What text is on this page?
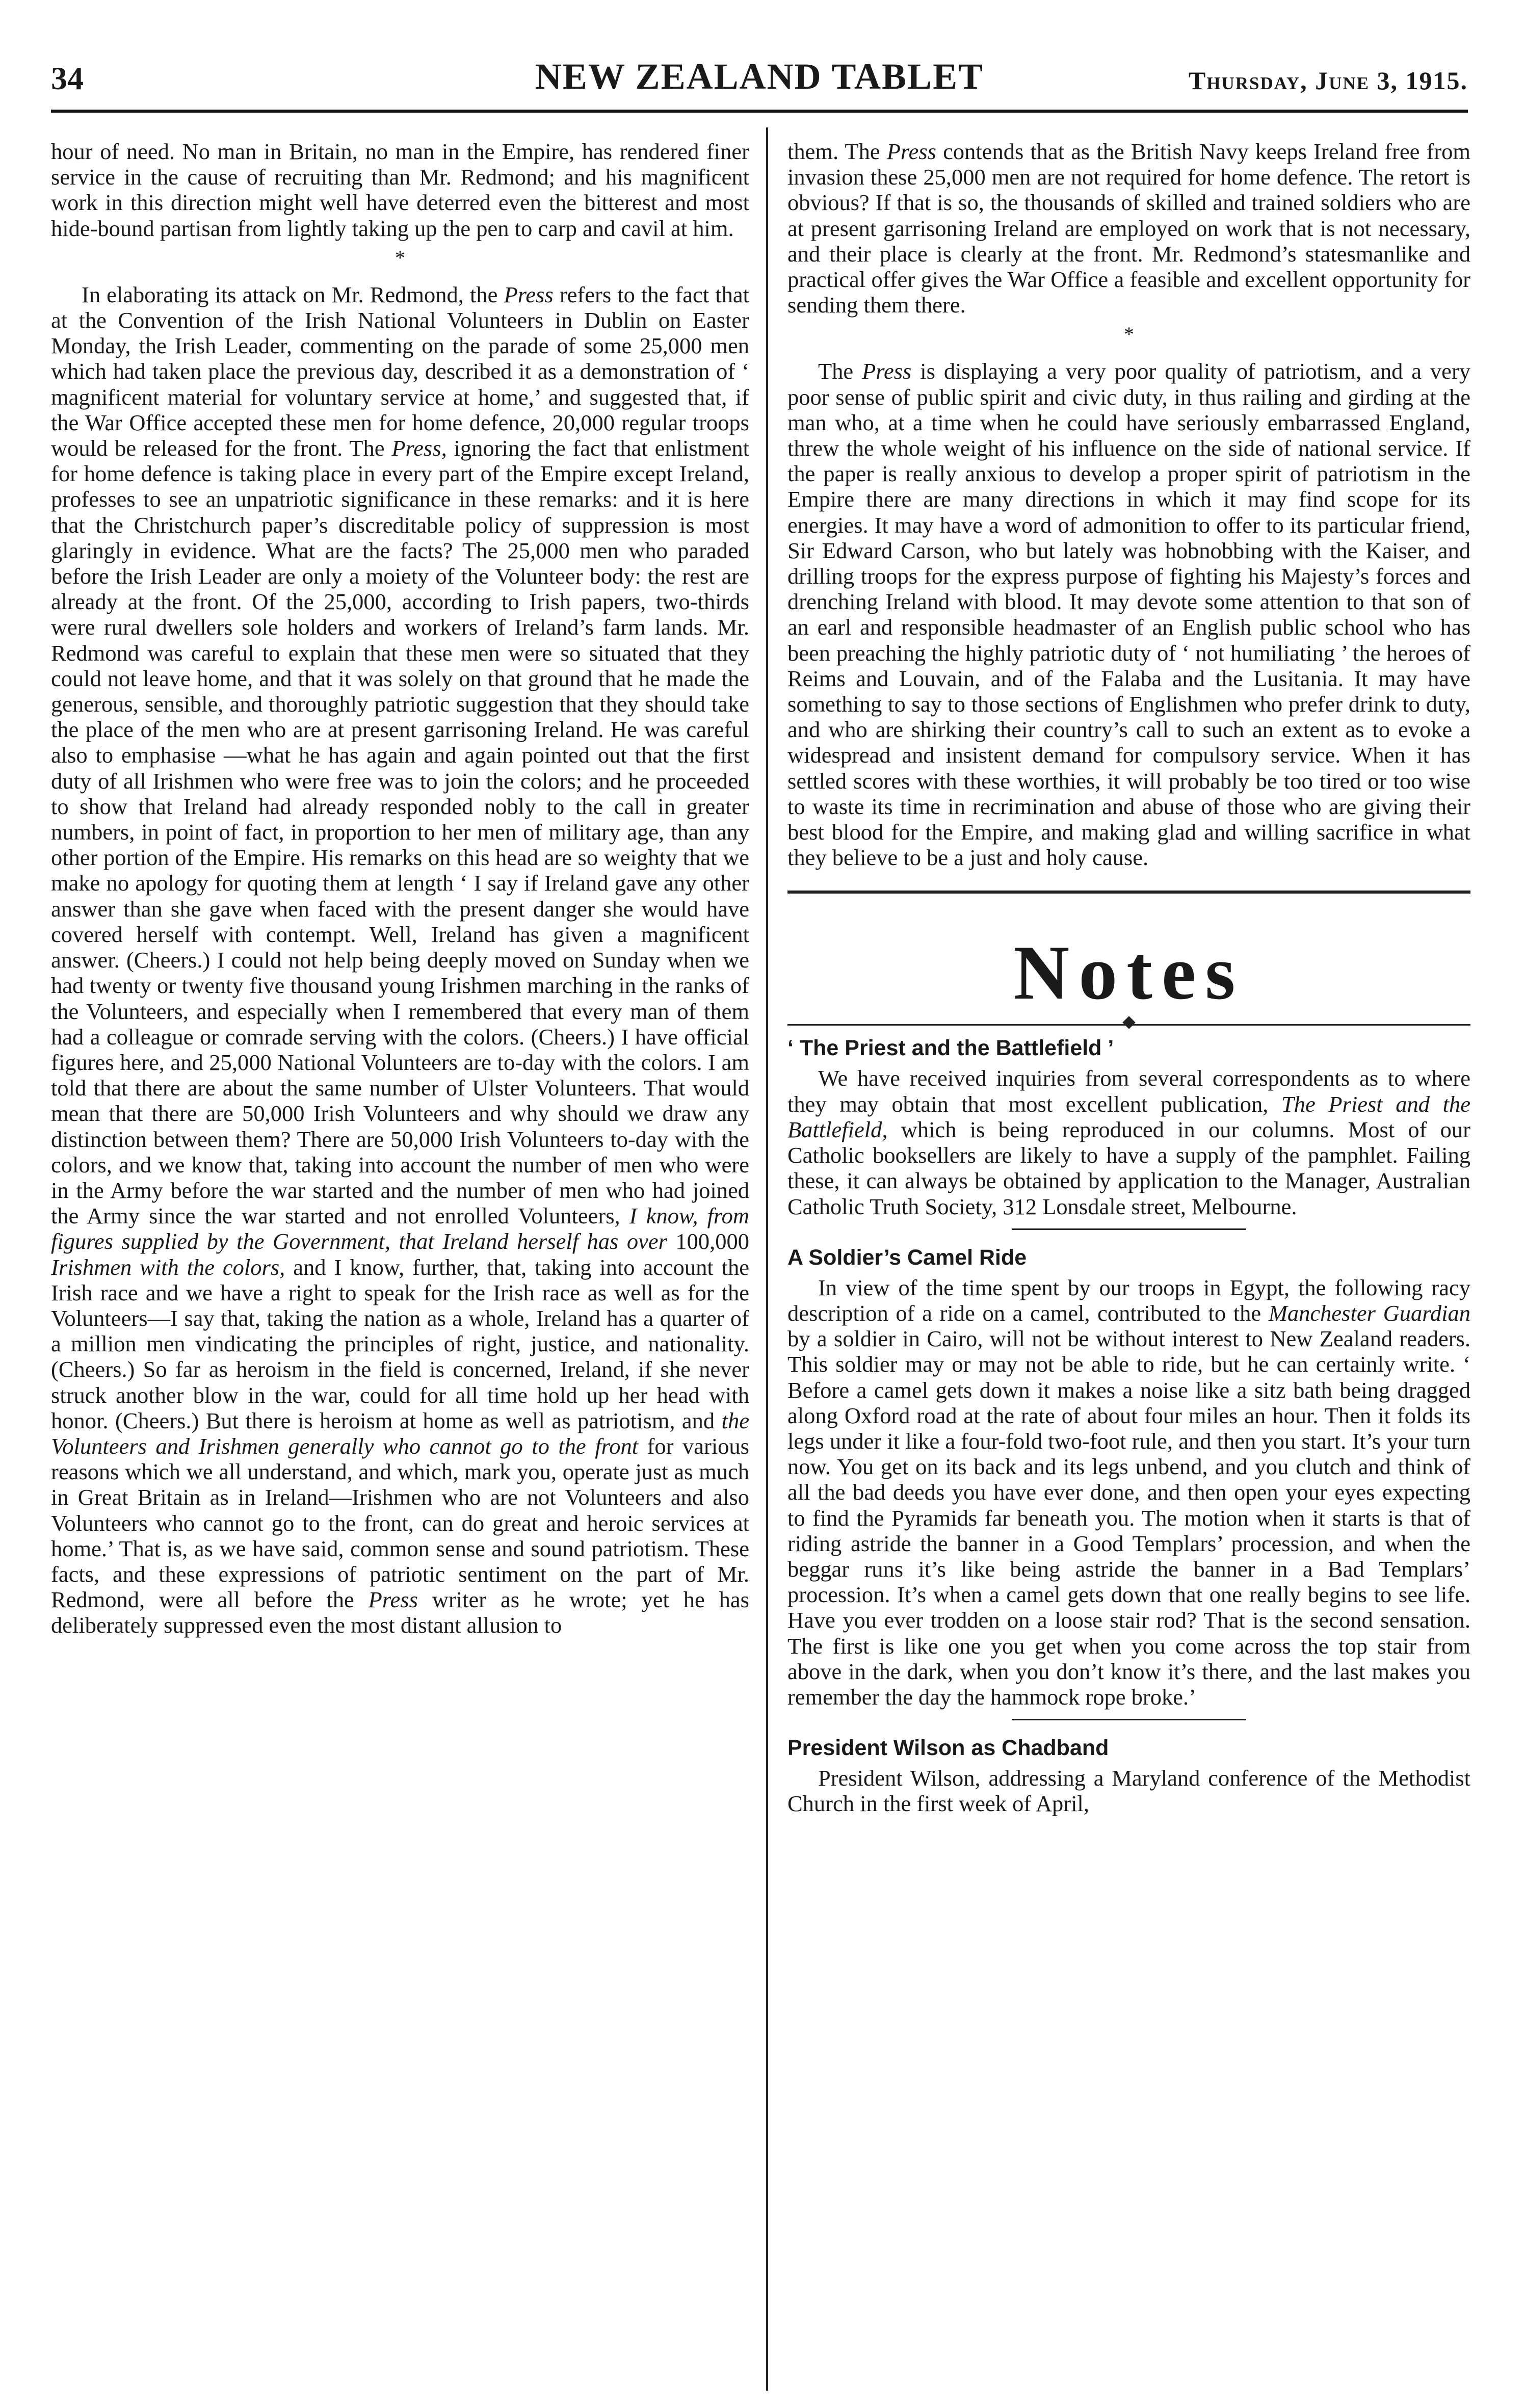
34	NEW ZEALAND TABLET	Thursday, June 3, 1915.

hour of need. No man in Britain, no man in the Empire, has rendered finer service in the cause of recruiting than Mr. Redmond; and his magnificent work in this direction might well have deterred even the bitterest and most hide-bound partisan from lightly taking up the pen to carp and cavil at him.

*

In elaborating its attack on Mr. Redmond, the Press refers to the fact that at the Convention of the Irish National Volunteers in Dublin on Easter Monday, the Irish Leader, commenting on the parade of some 25,000 men which had taken place the previous day, described it as a demonstration of ‘ magnificent material for voluntary service at home,’ and suggested that, if the War Office accepted these men for home defence, 20,000 regular troops would be released for the front. The Press, ignoring the fact that enlistment for home defence is taking place in every part of the Empire except Ireland, professes to see an unpatriotic significance in these remarks: and it is here that the Christchurch paper’s discreditable policy of suppression is most glaringly in evidence. What are the facts? The 25,000 men who paraded before the Irish Leader are only a moiety of the Volunteer body: the rest are already at the front. Of the 25,000, according to Irish papers, two-thirds were rural dwellers sole holders and workers of Ireland’s farm lands. Mr. Redmond was careful to explain that these men were so situated that they could not leave home, and that it was solely on that ground that he made the generous, sensible, and thoroughly patriotic suggestion that they should take the place of the men who are at present garrisoning Ireland. He was careful also to emphasise —what he has again and again pointed out that the first duty of all Irishmen who were free was to join the colors; and he proceeded to show that Ireland had already responded nobly to the call in greater numbers, in point of fact, in proportion to her men of military age, than any other portion of the Empire. His remarks on this head are so weighty that we make no apology for quoting them at length ‘ I say if Ireland gave any other answer than she gave when faced with the present danger she would have covered herself with contempt. Well, Ireland has given a magnificent answer. (Cheers.) I could not help being deeply moved on Sunday when we had twenty or twenty five thousand young Irishmen marching in the ranks of the Volunteers, and especially when I remembered that every man of them had a colleague or comrade serving with the colors. (Cheers.) I have official figures here, and 25,000 National Volunteers are to-day with the colors. I am told that there are about the same number of Ulster Volunteers. That would mean that there are 50,000 Irish Volunteers and why should we draw any distinction between them? There are 50,000 Irish Volunteers to-day with the colors, and we know that, taking into account the number of men who were in the Army before the war started and the number of men who had joined the Army since the war started and not enrolled Volunteers, I know, from figures supplied by the Government, that Ireland herself has over 100,000 Irishmen with the colors, and I know, further, that, taking into account the Irish race and we have a right to speak for the Irish race as well as for the Volunteers—I say that, taking the nation as a whole, Ireland has a quarter of a million men vindicating the principles of right, justice, and nationality. (Cheers.) So far as heroism in the field is concerned, Ireland, if she never struck another blow in the war, could for all time hold up her head with honor. (Cheers.) But there is heroism at home as well as patriotism, and the Volunteers and Irishmen generally who cannot go to the front for various reasons which we all understand, and which, mark you, operate just as much in Great Britain as in Ireland—Irishmen who are not Volunteers and also Volunteers who cannot go to the front, can do great and heroic services at home.’ That is, as we have said, common sense and sound patriotism. These facts, and these expressions of patriotic sentiment on the part of Mr. Redmond, were all before the Press writer as he wrote; yet he has deliberately suppressed even the most distant allusion to

them. The Press contends that as the British Navy keeps Ireland free from invasion these 25,000 men are not required for home defence. The retort is obvious? If that is so, the thousands of skilled and trained soldiers who are at present garrisoning Ireland are employed on work that is not necessary, and their place is clearly at the front. Mr. Redmond’s statesmanlike and practical offer gives the War Office a feasible and excellent opportunity for sending them there.

*

The Press is displaying a very poor quality of patriotism, and a very poor sense of public spirit and civic duty, in thus railing and girding at the man who, at a time when he could have seriously embarrassed England, threw the whole weight of his influence on the side of national service. If the paper is really anxious to develop a proper spirit of patriotism in the Empire there are many directions in which it may find scope for its energies. It may have a word of admonition to offer to its particular friend, Sir Edward Carson, who but lately was hobnobbing with the Kaiser, and drilling troops for the express purpose of fighting his Majesty’s forces and drenching Ireland with blood. It may devote some attention to that son of an earl and responsible headmaster of an English public school who has been preaching the highly patriotic duty of ‘ not humiliating ’ the heroes of Reims and Louvain, and of the Falaba and the Lusitania. It may have something to say to those sections of Englishmen who prefer drink to duty, and who are shirking their country’s call to such an extent as to evoke a widespread and insistent demand for compulsory service. When it has settled scores with these worthies, it will probably be too tired or too wise to waste its time in recrimination and abuse of those who are giving their best blood for the Empire, and making glad and willing sacrifice in what they believe to be a just and holy cause.

Notes
‘ The Priest and the Battlefield ’

We have received inquiries from several correspondents as to where they may obtain that most excellent publication, The Priest and the Battlefield, which is being reproduced in our columns. Most of our Catholic booksellers are likely to have a supply of the pamphlet. Failing these, it can always be obtained by application to the Manager, Australian Catholic Truth Society, 312 Lonsdale street, Melbourne.

A Soldier’s Camel Ride

In view of the time spent by our troops in Egypt, the following racy description of a ride on a camel, contributed to the Manchester Guardian by a soldier in Cairo, will not be without interest to New Zealand readers. This soldier may or may not be able to ride, but he can certainly write. ‘ Before a camel gets down it makes a noise like a sitz bath being dragged along Oxford road at the rate of about four miles an hour. Then it folds its legs under it like a four-fold two-foot rule, and then you start. It’s your turn now. You get on its back and its legs unbend, and you clutch and think of all the bad deeds you have ever done, and then open your eyes expecting to find the Pyramids far beneath you. The motion when it starts is that of riding astride the banner in a Good Templars’ procession, and when the beggar runs it’s like being astride the banner in a Bad Templars’ procession. It’s when a camel gets down that one really begins to see life. Have you ever trodden on a loose stair rod? That is the second sensation. The first is like one you get when you come across the top stair from above in the dark, when you don’t know it’s there, and the last makes you remember the day the hammock rope broke.’

President Wilson as Chadband

President Wilson, addressing a Maryland conference of the Methodist Church in the first week of April,
